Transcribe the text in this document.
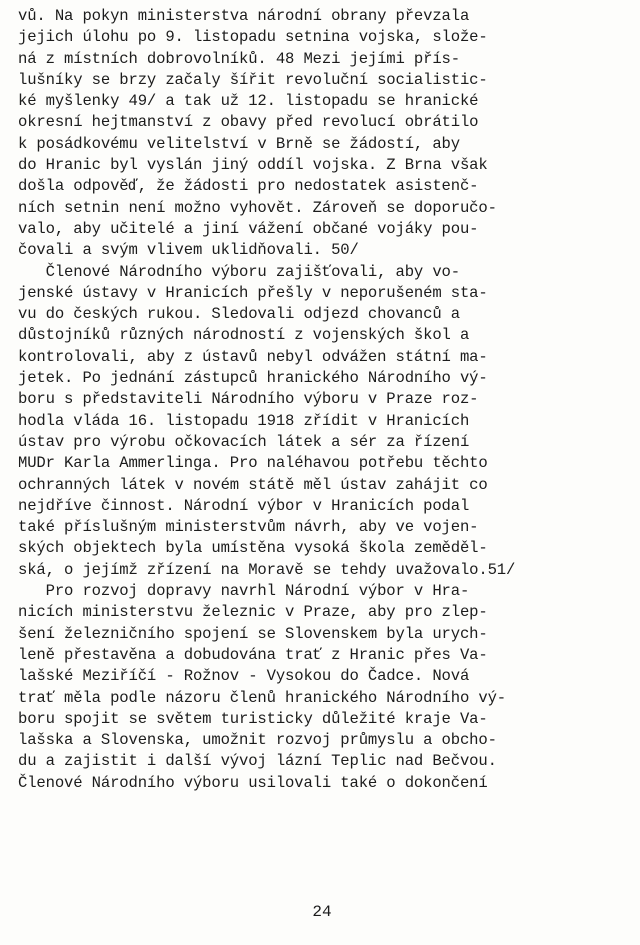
vů. Na pokyn ministerstva národní obrany převzala
jejich úlohu po 9. listopadu setnina vojska, slože-
ná z místních dobrovolníků. 48 Mezi jejími přís-
lušníky se brzy začaly šířit revoluční socialistic-
ké myšlenky 49/ a tak už 12. listopadu se hranické
okresní hejtmanství z obavy před revolucí obrátilo
k posádkovému velitelství v Brně se žádostí, aby
do Hranic byl vyslán jiný oddíl vojska. Z Brna však
došla odpověď, že žádosti pro nedostatek asistenč-
ních setnin není možno vyhovět. Zároveň se doporučo-
valo, aby učitelé a jiní vážení občané vojáky pou-
čovali a svým vlivem uklidňovali. 50/
Členové Národního výboru zajišťovali, aby vo-
jenské ústavy v Hranicích přešly v neporušeném sta-
vu do českých rukou. Sledovali odjezd chovanců a
důstojníků různých národností z vojenských škol a
kontrolovali, aby z ústavů nebyl odvážen státní ma-
jetek. Po jednání zástupců hranického Národního vý-
boru s představiteli Národního výboru v Praze roz-
hodla vláda 16. listopadu 1918 zřídit v Hranicích
ústav pro výrobu očkovacích látek a sér za řízení
MUDr Karla Ammerlinga. Pro naléhavou potřebu těchto
ochranných látek v novém státě měl ústav zahájit co
nejdříve činnost. Národní výbor v Hranicích podal
také příslušným ministerstvům návrh, aby ve vojen-
ských objektech byla umístěna vysoká škola zeměděl-
ská, o jejímž zřízení na Moravě se tehdy uvažovalo.51/
Pro rozvoj dopravy navrhl Národní výbor v Hra-
nicích ministerstvu železnic v Praze, aby pro zlep-
šení železničního spojení se Slovenskem byla urych-
leně přestavěna a dobudována trať z Hranic přes Va-
lašské Meziříčí - Rožnov - Vysokou do Čadce. Nová
trať měla podle názoru členů hranického Národního vý-
boru spojit se světem turisticky důležité kraje Va-
lašska a Slovenska, umožnit rozvoj průmyslu a obcho-
du a zajistit i další vývoj lázní Teplic nad Bečvou.
Členové Národního výboru usilovali také o dokončení
24
